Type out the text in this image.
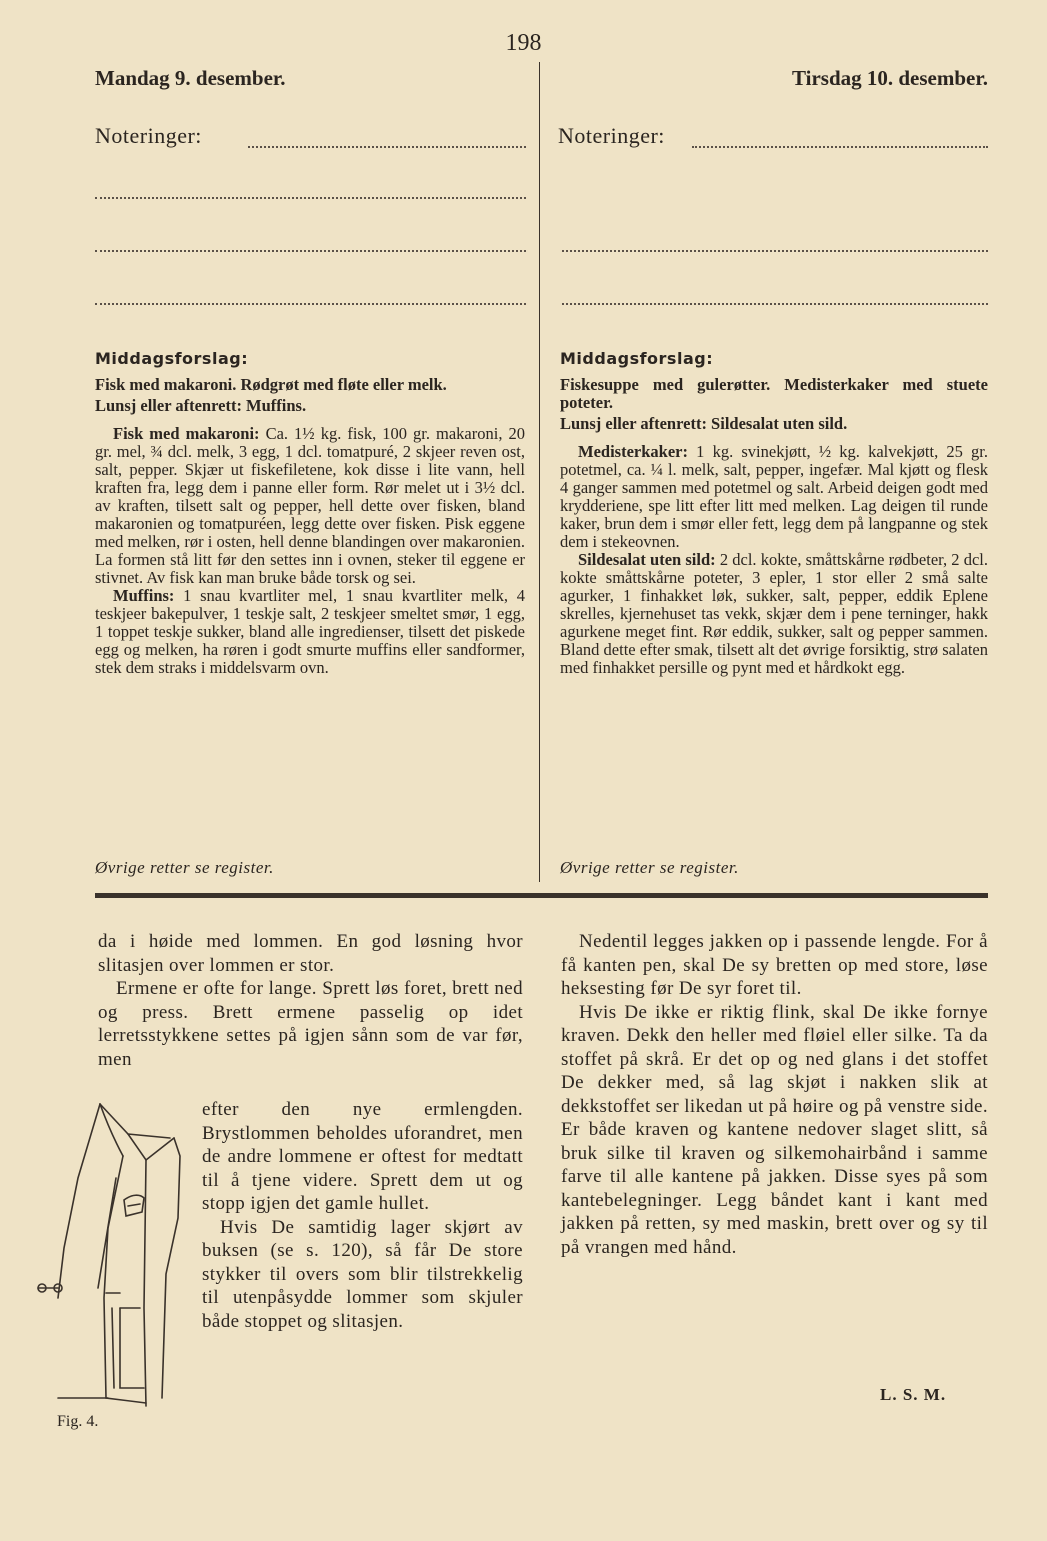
198
Mandag 9. desember.
Noteringer:
Tirsdag 10. desember.
Noteringer:
Middagsforslag:

Fisk med makaroni. Rødgrøt med fløte eller melk.

Lunsj eller aftenrett: Muffins.

Fisk med makaroni: Ca. 1½ kg. fisk, 100 gr. makaroni, 20 gr. mel, ¾ dcl. melk, 3 egg, 1 dcl. tomatpuré, 2 skjeer reven ost, salt, pepper. Skjær ut fiskefiletene, kok disse i lite vann, hell kraften fra, legg dem i panne eller form. Rør melet ut i 3½ dcl. av kraften, tilsett salt og pepper, hell dette over fisken, bland makaronien og tomatpuréen, legg dette over fisken. Pisk eggene med melken, rør i osten, hell denne blandingen over makaronien. La formen stå litt før den settes inn i ovnen, steker til eggene er stivnet. Av fisk kan man bruke både torsk og sei.

Muffins: 1 snau kvartliter mel, 1 snau kvartliter melk, 4 teskjeer bakepulver, 1 teskje salt, 2 teskjeer smeltet smør, 1 egg, 1 toppet teskje sukker, bland alle ingredienser, tilsett det piskede egg og melken, ha røren i godt smurte muffins eller sandformer, stek dem straks i middelsvarm ovn.

Øvrige retter se register.
Middagsforslag:

Fiskesuppe med gulerøtter. Medisterkaker med stuete poteter.

Lunsj eller aftenrett: Sildesalat uten sild.

Medisterkaker: 1 kg. svinekjøtt, ½ kg. kalvekjøtt, 25 gr. potetmel, ca. ¼ l. melk, salt, pepper, ingefær. Mal kjøtt og flesk 4 ganger sammen med potetmel og salt. Arbeid deigen godt med krydderiene, spe litt efter litt med melken. Lag deigen til runde kaker, brun dem i smør eller fett, legg dem på langpanne og stek dem i stekeovnen.

Sildesalat uten sild: 2 dcl. kokte, småttskårne rødbeter, 2 dcl. kokte småttskårne poteter, 3 epler, 1 stor eller 2 små salte agurker, 1 finhakket løk, sukker, salt, pepper, eddik Eplene skrelles, kjernehuset tas vekk, skjær dem i pene terninger, hakk agurkene meget fint. Rør eddik, sukker, salt og pepper sammen. Bland dette efter smak, tilsett alt det øvrige forsiktig, strø salaten med finhakket persille og pynt med et hårdkokt egg.

Øvrige retter se register.

da i høide med lommen. En god løsning hvor slitasjen over lommen er stor.

Ermene er ofte for lange. Sprett løs foret, brett ned og press. Brett ermene passelig op idet lerretsstykkene settes på igjen sånn som de var før, men

efter den nye ermlengden. Brystlommen beholdes uforandret, men de andre lommene er oftest for medtatt til å tjene videre. Sprett dem ut og stopp igjen det gamle hullet.

Hvis De samtidig lager skjørt av buksen (se s. 120), så får De store stykker til overs som blir tilstrekkelig til utenpåsydde lommer som skjuler både stoppet og slitasjen.

Fig. 4.

Nedentil legges jakken op i passende lengde. For å få kanten pen, skal De sy bretten op med store, løse heksesting før De syr foret til.

Hvis De ikke er riktig flink, skal De ikke fornye kraven. Dekk den heller med fløiel eller silke. Ta da stoffet på skrå. Er det op og ned glans i det stoffet De dekker med, så lag skjøt i nakken slik at dekkstoffet ser likedan ut på høire og på venstre side. Er både kraven og kantene nedover slaget slitt, så bruk silke til kraven og silkemohairbånd i samme farve til alle kantene på jakken. Disse syes på som kantebelegninger. Legg båndet kant i kant med jakken på retten, sy med maskin, brett over og sy til på vrangen med hånd.

L. S. M.
